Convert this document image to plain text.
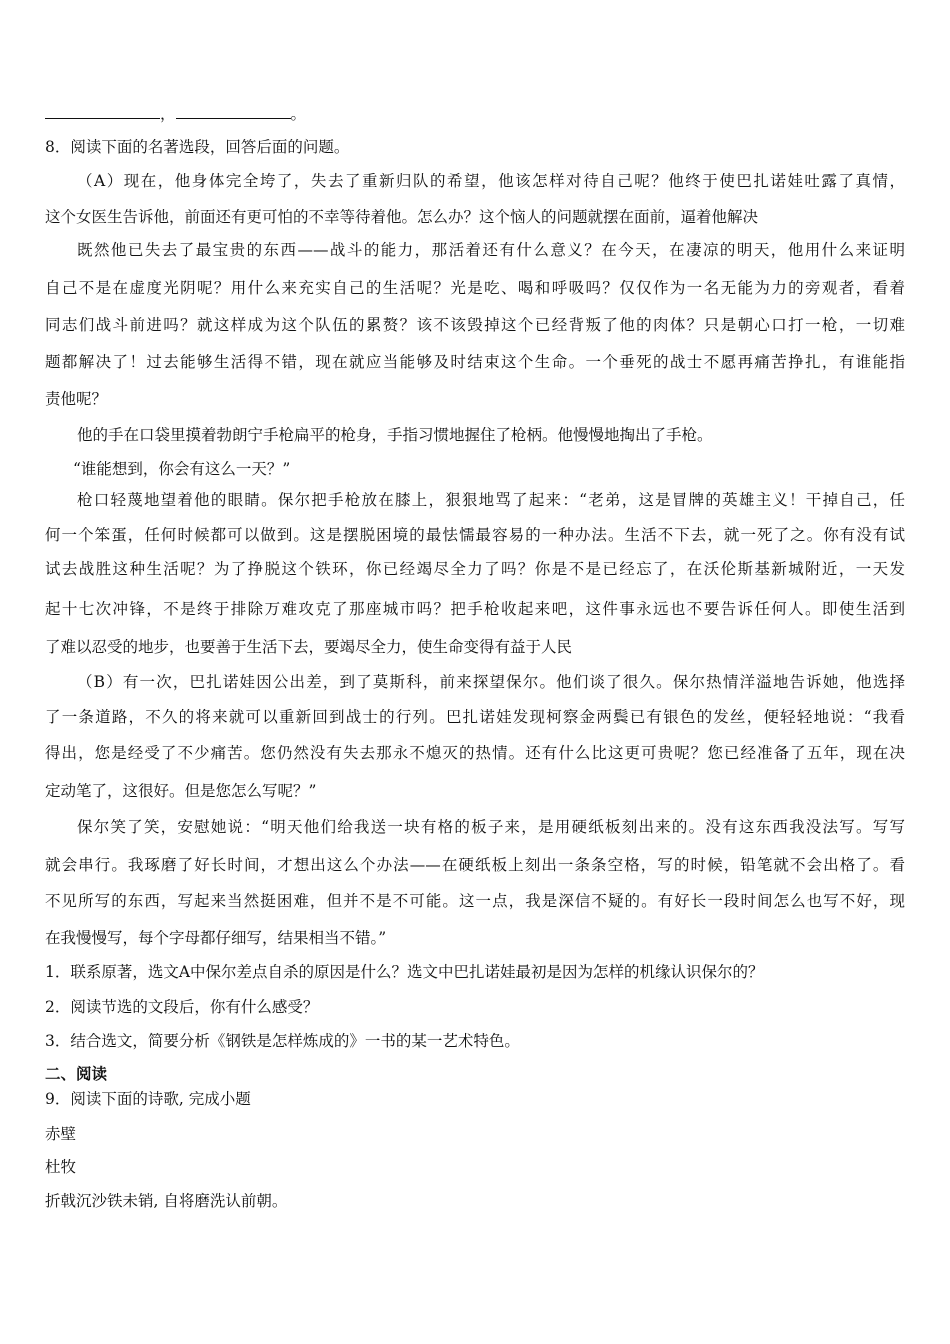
，	。
8．阅读下面的名著选段，回答后面的问题。
（A）现在，他身体完全垮了，失去了重新归队的希望，他该怎样对待自己呢？他终于使巴扎诺娃吐露了真情，
这个女医生告诉他，前面还有更可怕的不幸等待着他。怎么办？这个恼人的问题就摆在面前，逼着他解决
既然他已失去了最宝贵的东西——战斗的能力，那活着还有什么意义？在今天，在凄凉的明天，他用什么来证明
自己不是在虚度光阴呢？用什么来充实自己的生活呢？光是吃、喝和呼吸吗？仅仅作为一名无能为力的旁观者，看着
同志们战斗前进吗？就这样成为这个队伍的累赘？该不该毁掉这个已经背叛了他的肉体？只是朝心口打一枪，一切难
题都解决了！过去能够生活得不错，现在就应当能够及时结束这个生命。一个垂死的战士不愿再痛苦挣扎，有谁能指
责他呢？
他的手在口袋里摸着勃朗宁手枪扁平的枪身，手指习惯地握住了枪柄。他慢慢地掏出了手枪。
“谁能想到，你会有这么一天？”
枪口轻蔑地望着他的眼睛。保尔把手枪放在膝上，狠狠地骂了起来：“老弟，这是冒牌的英雄主义！干掉自己，任
何一个笨蛋，任何时候都可以做到。这是摆脱困境的最怯懦最容易的一种办法。生活不下去，就一死了之。你有没有试
试去战胜这种生活呢？为了挣脱这个铁环，你已经竭尽全力了吗？你是不是已经忘了，在沃伦斯基新城附近，一天发
起十七次冲锋，不是终于排除万难攻克了那座城市吗？把手枪收起来吧，这件事永远也不要告诉任何人。即使生活到
了难以忍受的地步，也要善于生活下去，要竭尽全力，使生命变得有益于人民
（B）有一次，巴扎诺娃因公出差，到了莫斯科，前来探望保尔。他们谈了很久。保尔热情洋溢地告诉她，他选择
了一条道路，不久的将来就可以重新回到战士的行列。巴扎诺娃发现柯察金两鬓已有银色的发丝，便轻轻地说：“我看
得出，您是经受了不少痛苦。您仍然没有失去那永不熄灭的热情。还有什么比这更可贵呢？您已经准备了五年，现在决
定动笔了，这很好。但是您怎么写呢？”
保尔笑了笑，安慰她说：“明天他们给我送一块有格的板子来，是用硬纸板刻出来的。没有这东西我没法写。写写
就会串行。我琢磨了好长时间，才想出这么个办法——在硬纸板上刻出一条条空格，写的时候，铅笔就不会出格了。看
不见所写的东西，写起来当然挺困难，但并不是不可能。这一点，我是深信不疑的。有好长一段时间怎么也写不好，现
在我慢慢写，每个字母都仔细写，结果相当不错。”
1．联系原著，选文A中保尔差点自杀的原因是什么？选文中巴扎诺娃最初是因为怎样的机缘认识保尔的？
2．阅读节选的文段后，你有什么感受？
3．结合选文，简要分析《钢铁是怎样炼成的》一书的某一艺术特色。
二、阅读
9．阅读下面的诗歌, 完成小题
赤壁
杜牧
折戟沉沙铁未销, 自将磨洗认前朝。
